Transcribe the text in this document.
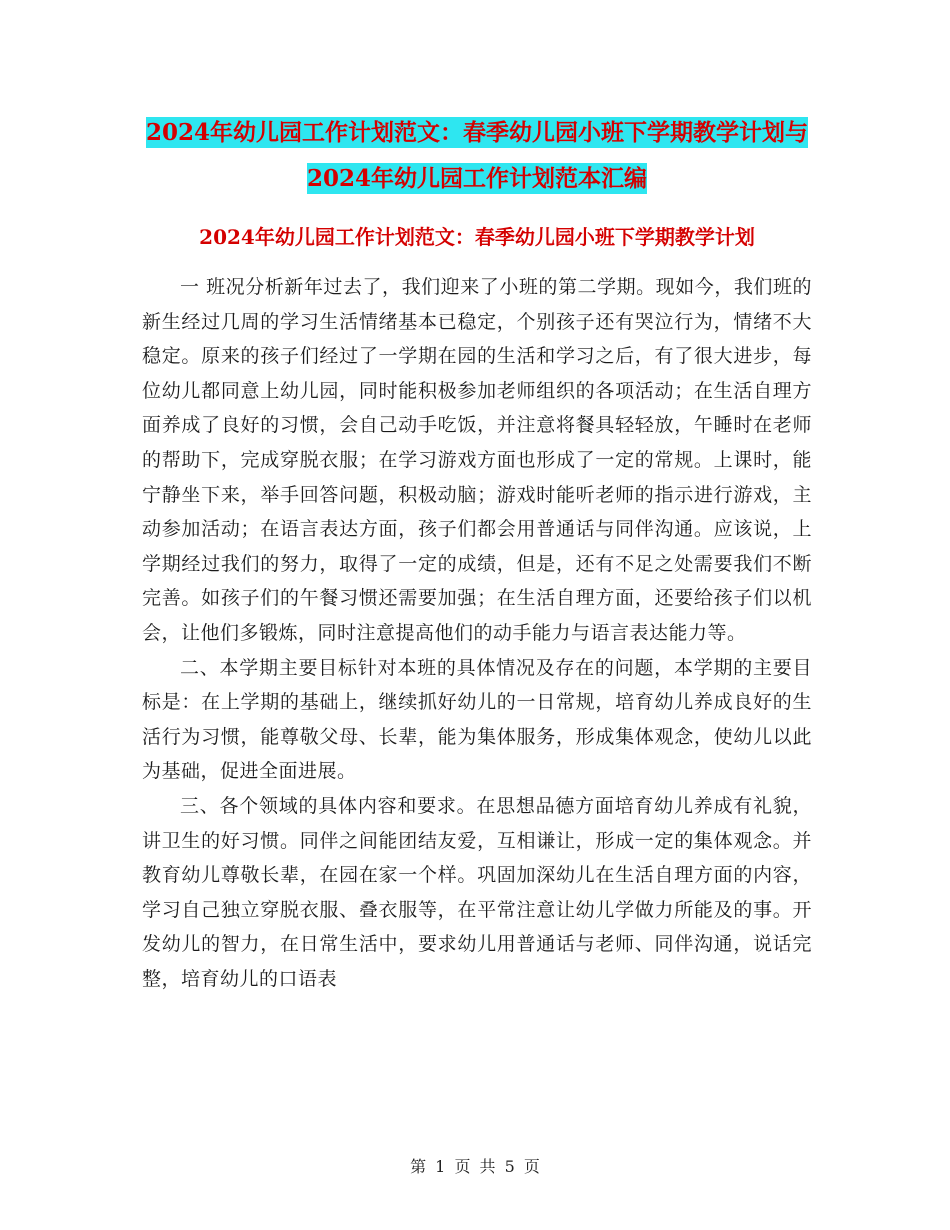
2024年幼儿园工作计划范文：春季幼儿园小班下学期教学计划与2024年幼儿园工作计划范本汇编
2024年幼儿园工作计划范文：春季幼儿园小班下学期教学计划

一 班况分析新年过去了，我们迎来了小班的第二学期。现如今，我们班的新生经过几周的学习生活情绪基本已稳定，个别孩子还有哭泣行为，情绪不大稳定。原来的孩子们经过了一学期在园的生活和学习之后，有了很大进步，每位幼儿都同意上幼儿园，同时能积极参加老师组织的各项活动；在生活自理方面养成了良好的习惯，会自己动手吃饭，并注意将餐具轻轻放，午睡时在老师的帮助下，完成穿脱衣服；在学习游戏方面也形成了一定的常规。上课时，能宁静坐下来，举手回答问题，积极动脑；游戏时能听老师的指示进行游戏，主动参加活动；在语言表达方面，孩子们都会用普通话与同伴沟通。应该说，上学期经过我们的努力，取得了一定的成绩，但是，还有不足之处需要我们不断完善。如孩子们的午餐习惯还需要加强；在生活自理方面，还要给孩子们以机会，让他们多锻炼，同时注意提高他们的动手能力与语言表达能力等。

二、本学期主要目标针对本班的具体情况及存在的问题，本学期的主要目标是：在上学期的基础上，继续抓好幼儿的一日常规，培育幼儿养成良好的生活行为习惯，能尊敬父母、长辈，能为集体服务，形成集体观念，使幼儿以此为基础，促进全面进展。

三、各个领域的具体内容和要求。在思想品德方面培育幼儿养成有礼貌，讲卫生的好习惯。同伴之间能团结友爱，互相谦让，形成一定的集体观念。并教育幼儿尊敬长辈，在园在家一个样。巩固加深幼儿在生活自理方面的内容，学习自己独立穿脱衣服、叠衣服等，在平常注意让幼儿学做力所能及的事。开发幼儿的智力，在日常生活中，要求幼儿用普通话与老师、同伴沟通，说话完整，培育幼儿的口语表

第 1 页 共 5 页
